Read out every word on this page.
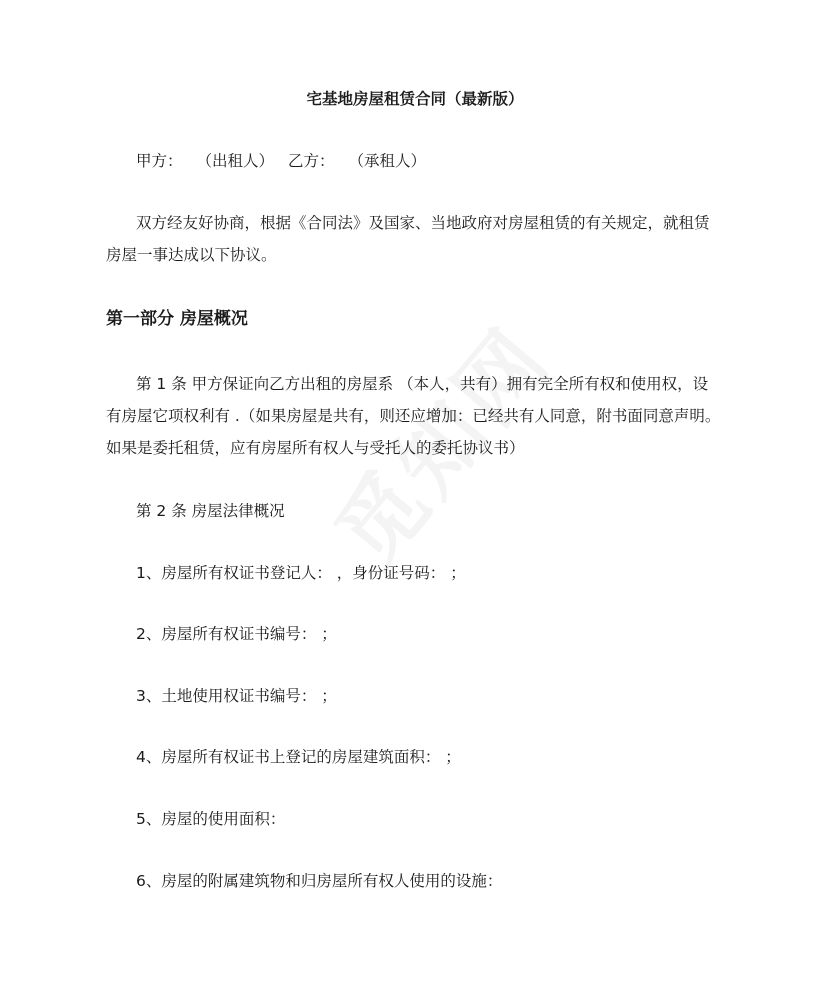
宅基地房屋租赁合同（最新版）
甲方： （出租人） 乙方： （承租人）
双方经友好协商，根据《合同法》及国家、当地政府对房屋租赁的有关规定，就租赁
房屋一事达成以下协议。
第一部分 房屋概况
第 1 条 甲方保证向乙方出租的房屋系 （本人，共有）拥有完全所有权和使用权，设
有房屋它项权利有 .（如果房屋是共有，则还应增加：已经共有人同意，附书面同意声明。
如果是委托租赁，应有房屋所有权人与受托人的委托协议书）
第 2 条 房屋法律概况
1、房屋所有权证书登记人： ，身份证号码： ；
2、房屋所有权证书编号： ；
3、土地使用权证书编号： ；
4、房屋所有权证书上登记的房屋建筑面积： ；
5、房屋的使用面积：
6、房屋的附属建筑物和归房屋所有权人使用的设施：
